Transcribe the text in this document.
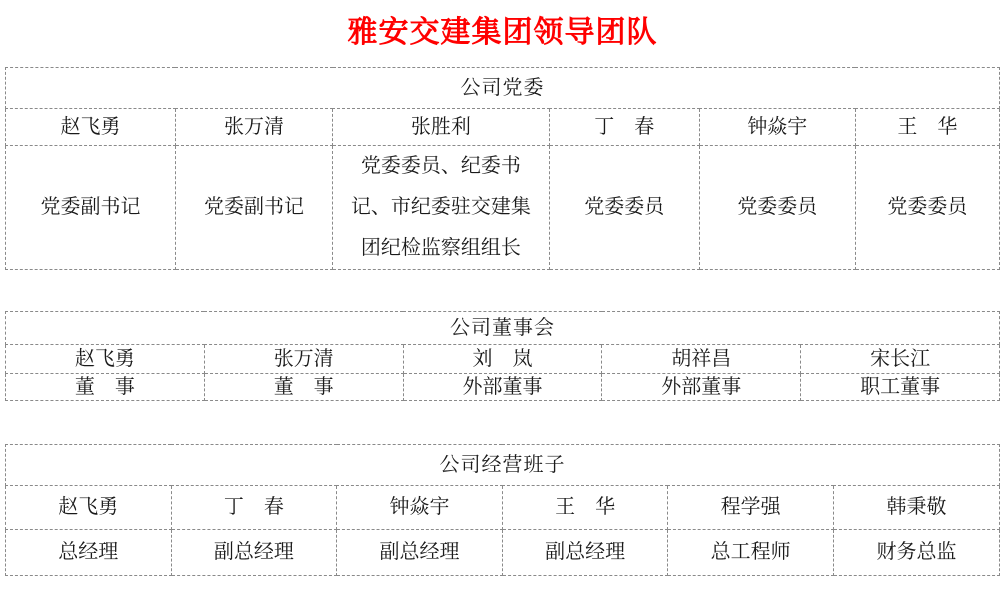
雅安交建集团领导团队
公司党委					
赵飞勇	张万清	张胜利	丁　春	钟焱宇	王　华
党委副书记	党委副书记	党委委员、纪委书记、市纪委驻交建集团纪检监察组组长	党委委员	党委委员	党委委员
公司董事会				
赵飞勇	张万清	刘　岚	胡祥昌	宋长江
董　事	董　事	外部董事	外部董事	职工董事
公司经营班子					
赵飞勇	丁　春	钟焱宇	王　华	程学强	韩秉敬
总经理	副总经理	副总经理	副总经理	总工程师	财务总监
